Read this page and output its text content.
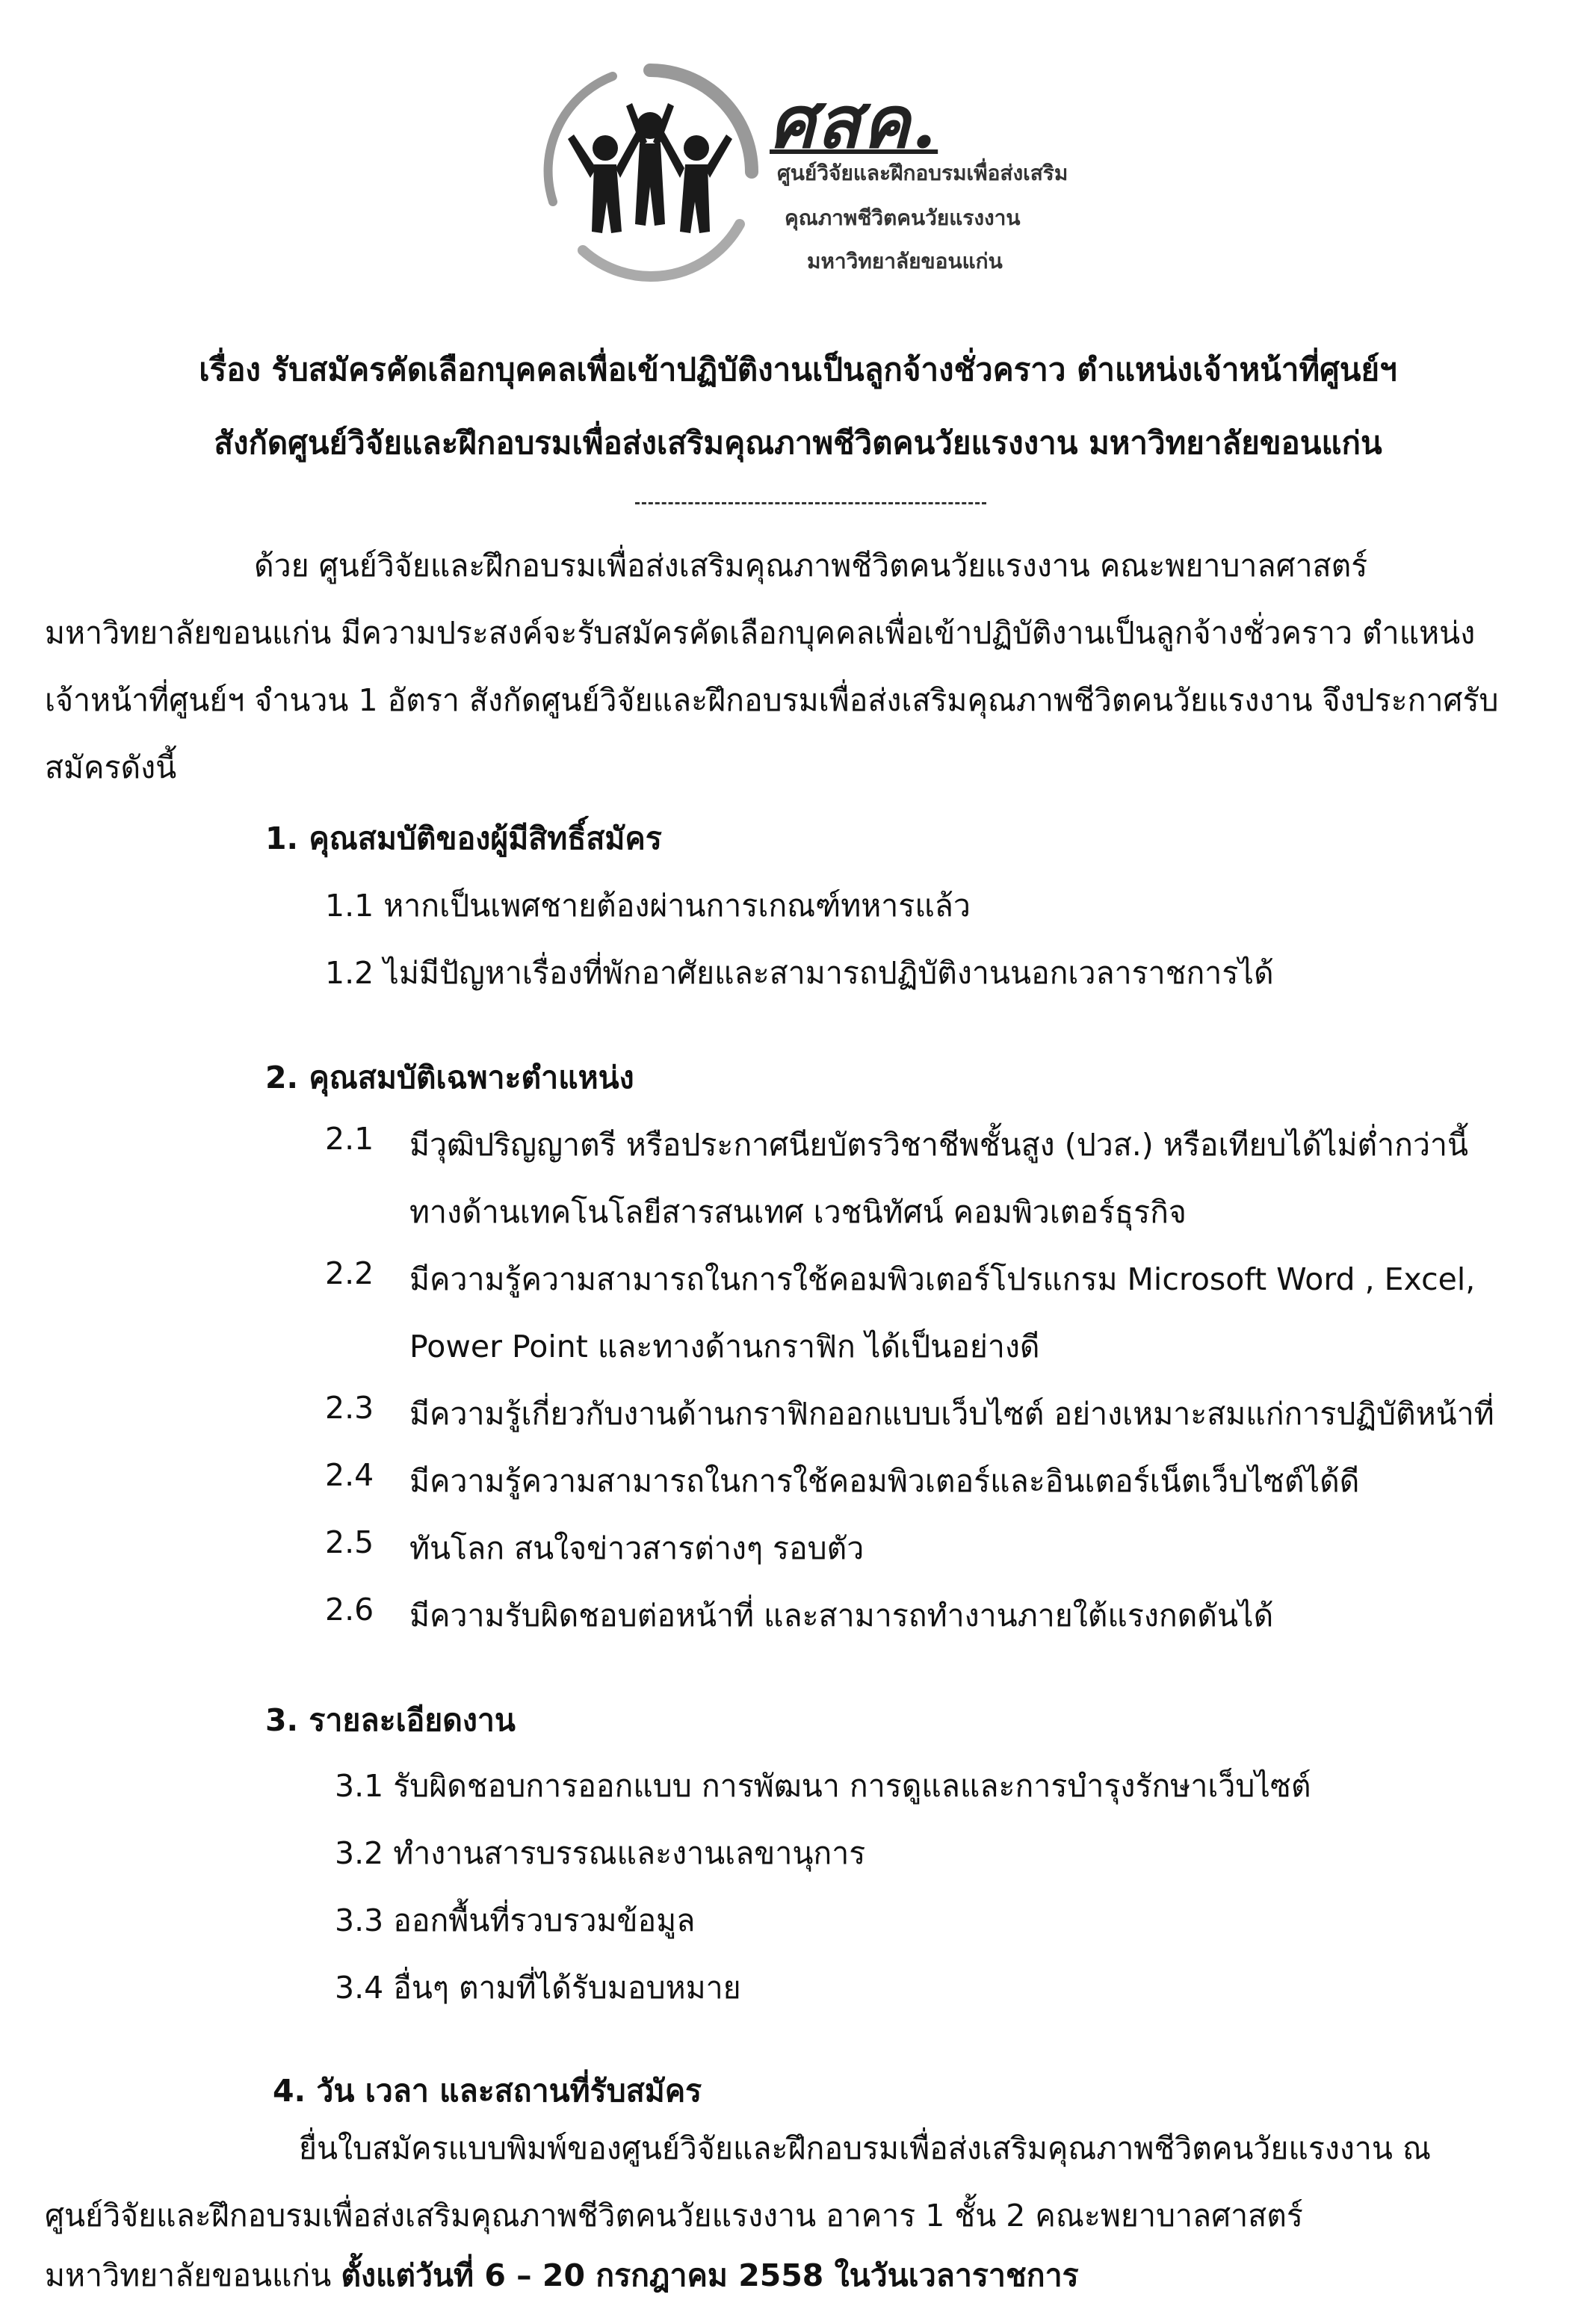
ศสค.
ศูนย์วิจัยและฝึกอบรมเพื่อส่งเสริม
คุณภาพชีวิตคนวัยแรงงาน
มหาวิทยาลัยขอนแก่น
เรื่อง รับสมัครคัดเลือกบุคคลเพื่อเข้าปฏิบัติงานเป็นลูกจ้างชั่วคราว ตำแหน่งเจ้าหน้าที่ศูนย์ฯ
สังกัดศูนย์วิจัยและฝึกอบรมเพื่อส่งเสริมคุณภาพชีวิตคนวัยแรงงาน มหาวิทยาลัยขอนแก่น
ด้วย ศูนย์วิจัยและฝึกอบรมเพื่อส่งเสริมคุณภาพชีวิตคนวัยแรงงาน คณะพยาบาลศาสตร์
มหาวิทยาลัยขอนแก่น มีความประสงค์จะรับสมัครคัดเลือกบุคคลเพื่อเข้าปฏิบัติงานเป็นลูกจ้างชั่วคราว ตำแหน่ง
เจ้าหน้าที่ศูนย์ฯ จำนวน 1 อัตรา สังกัดศูนย์วิจัยและฝึกอบรมเพื่อส่งเสริมคุณภาพชีวิตคนวัยแรงงาน จึงประกาศรับ
สมัครดังนี้
1. คุณสมบัติของผู้มีสิทธิ์สมัคร
1.1 หากเป็นเพศชายต้องผ่านการเกณฑ์ทหารแล้ว
1.2 ไม่มีปัญหาเรื่องที่พักอาศัยและสามารถปฏิบัติงานนอกเวลาราชการได้
2. คุณสมบัติเฉพาะตำแหน่ง
2.1 มีวุฒิปริญญาตรี หรือประกาศนียบัตรวิชาชีพชั้นสูง (ปวส.) หรือเทียบได้ไม่ต่ำกว่านี้
ทางด้านเทคโนโลยีสารสนเทศ เวชนิทัศน์ คอมพิวเตอร์ธุรกิจ
2.2 มีความรู้ความสามารถในการใช้คอมพิวเตอร์โปรแกรม Microsoft Word , Excel,
Power Point และทางด้านกราฟิก ได้เป็นอย่างดี
2.3 มีความรู้เกี่ยวกับงานด้านกราฟิกออกแบบเว็บไซต์ อย่างเหมาะสมแก่การปฏิบัติหน้าที่
2.4 มีความรู้ความสามารถในการใช้คอมพิวเตอร์และอินเตอร์เน็ตเว็บไซต์ได้ดี
2.5 ทันโลก สนใจข่าวสารต่างๆ รอบตัว
2.6 มีความรับผิดชอบต่อหน้าที่ และสามารถทำงานภายใต้แรงกดดันได้
3. รายละเอียดงาน
3.1 รับผิดชอบการออกแบบ การพัฒนา การดูแลและการบำรุงรักษาเว็บไซต์
3.2 ทำงานสารบรรณและงานเลขานุการ
3.3 ออกพื้นที่รวบรวมข้อมูล
3.4 อื่นๆ ตามที่ได้รับมอบหมาย
4. วัน เวลา และสถานที่รับสมัคร
ยื่นใบสมัครแบบพิมพ์ของศูนย์วิจัยและฝึกอบรมเพื่อส่งเสริมคุณภาพชีวิตคนวัยแรงงาน ณ
ศูนย์วิจัยและฝึกอบรมเพื่อส่งเสริมคุณภาพชีวิตคนวัยแรงงาน อาคาร 1 ชั้น 2 คณะพยาบาลศาสตร์
มหาวิทยาลัยขอนแก่น ตั้งแต่วันที่ 6 – 20 กรกฎาคม 2558 ในวันเวลาราชการ
